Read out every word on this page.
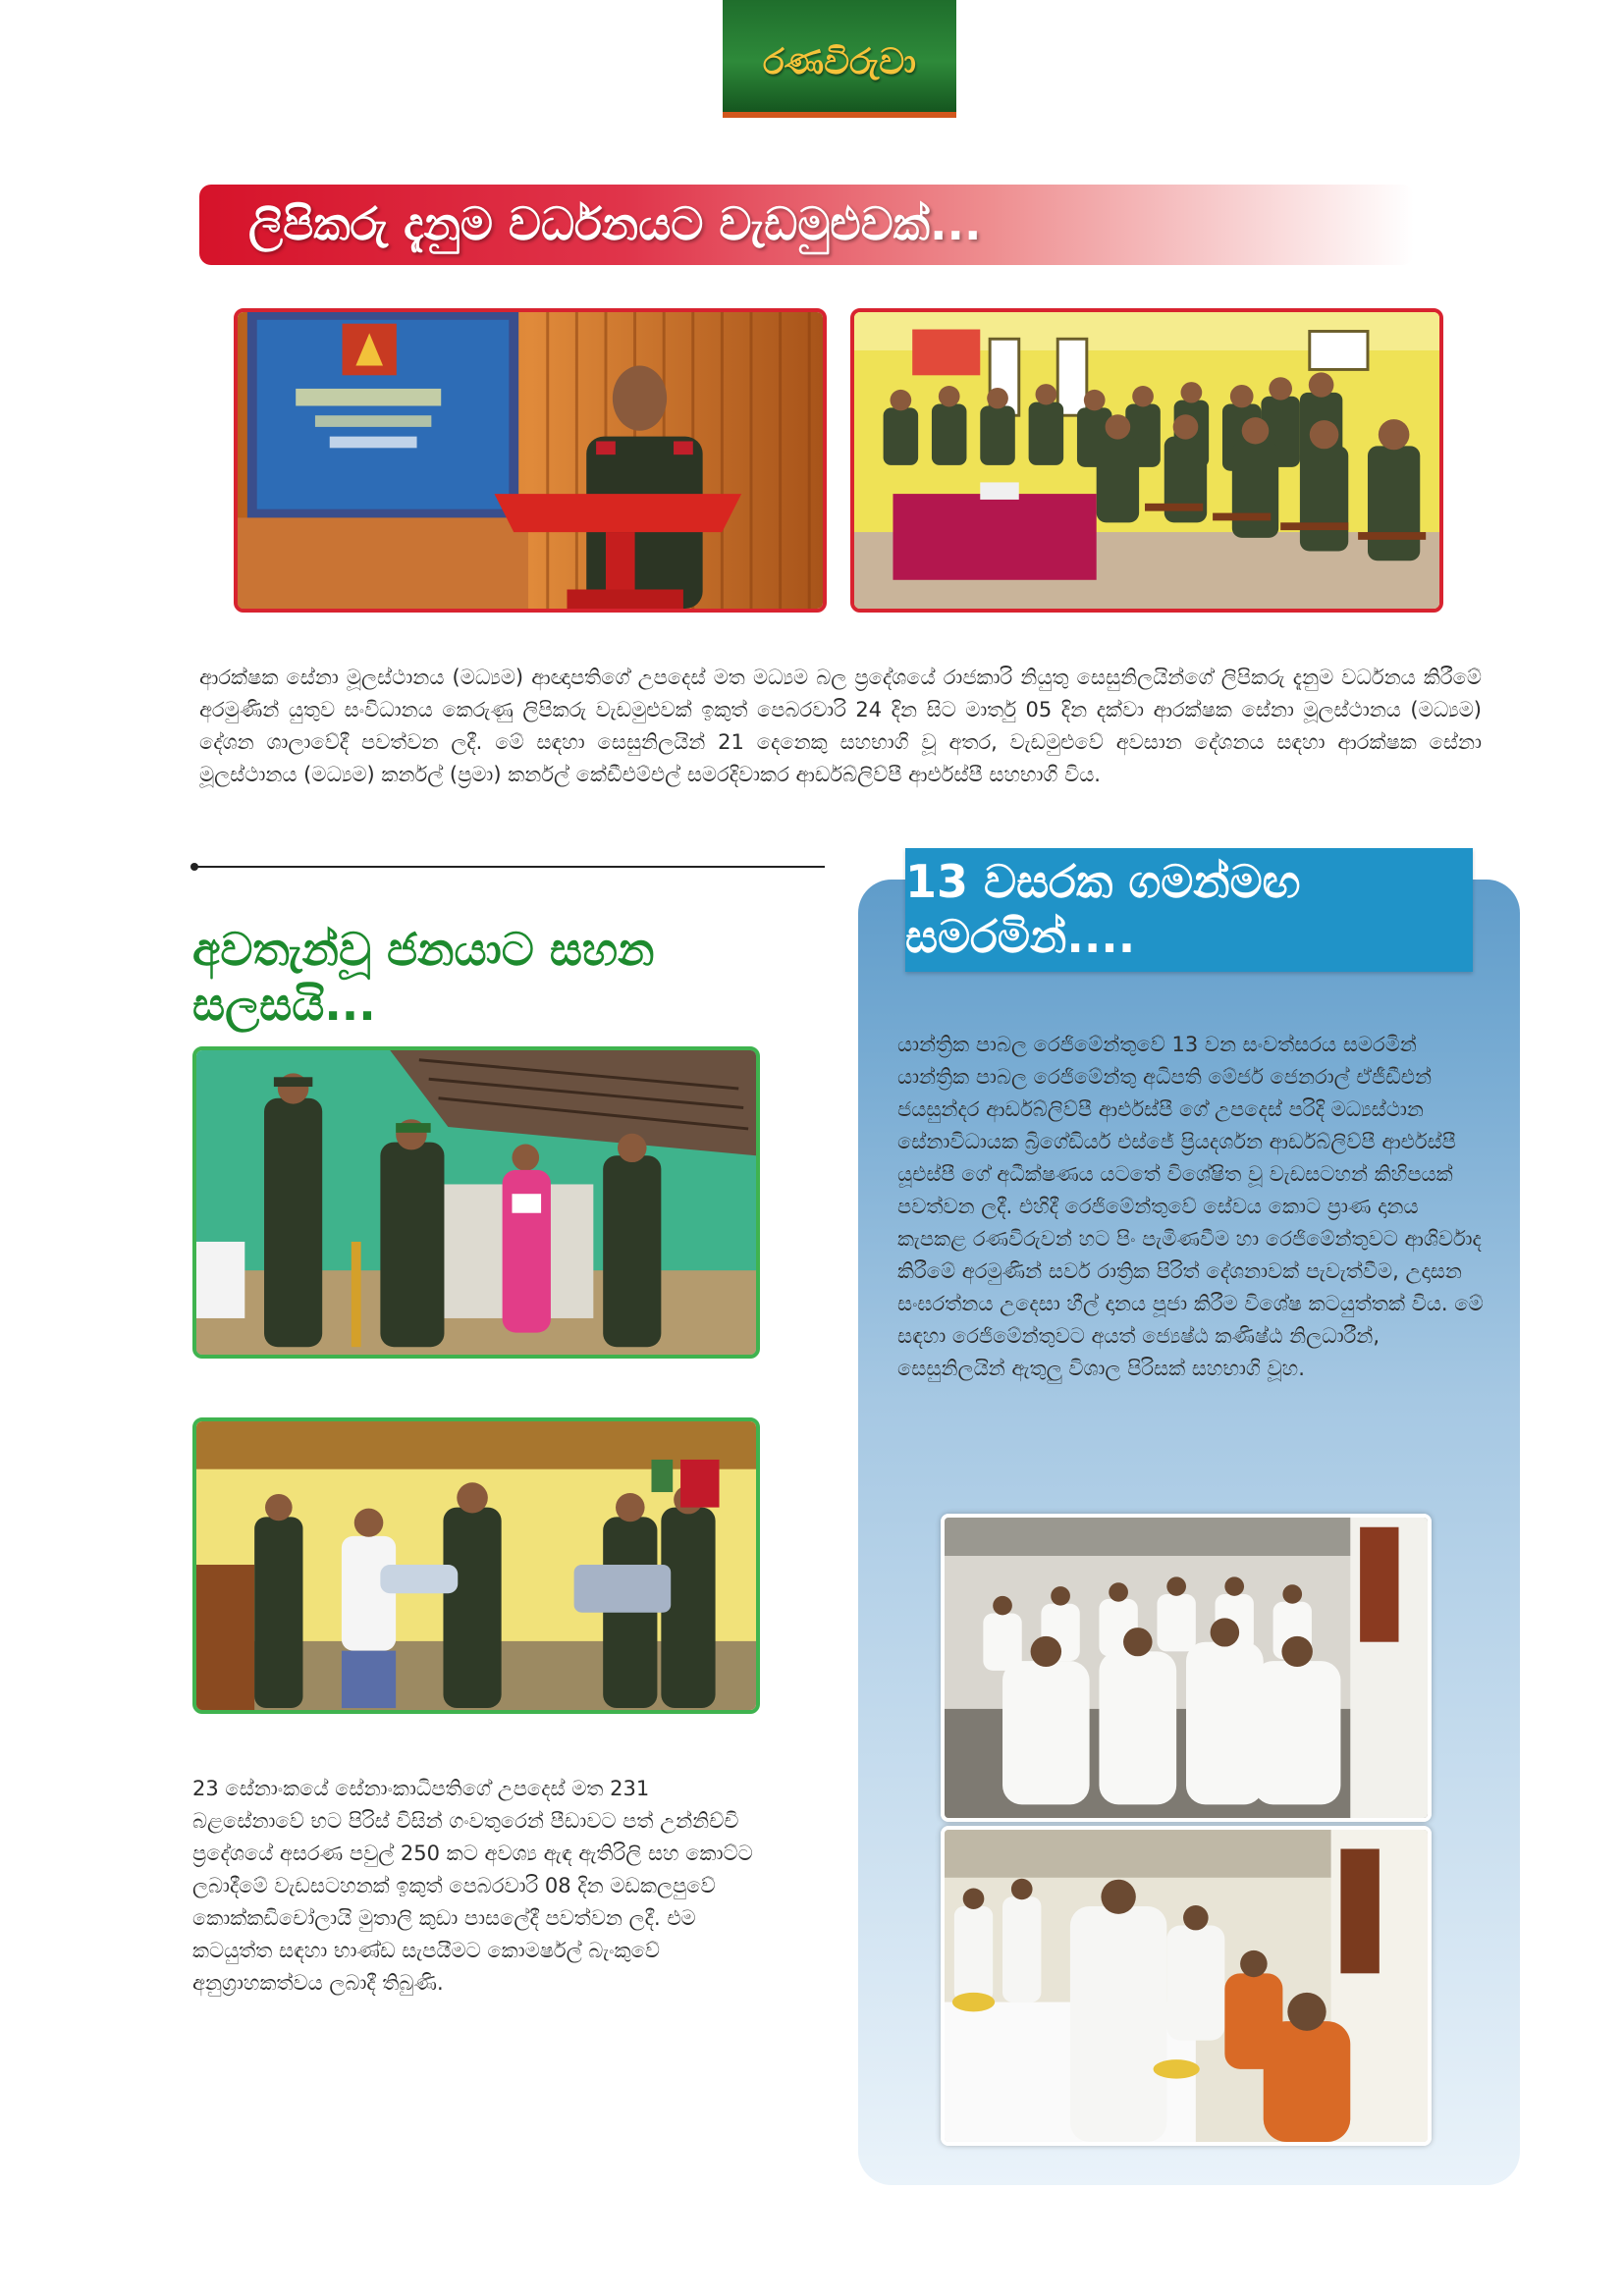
රණවිරුවා
ලිපිකරු දැනුම වර්ධනයට වැඩමුළුවක්...

ආරක්ෂක සේනා මූලස්ථානය (මධ්‍යම) ආඥාපතිගේ උපදෙස් මත මධ්‍යම බල ප්‍රදේශයේ රාජකාරි නියුතු සෙසුනිලයින්ගේ ලිපිකරු දැනුම වර්ධනය කිරීමේ අරමුණින් යුතුව සංවිධානය කෙරුණු ලිපිකරු වැඩමුළුවක් ඉකුත් පෙබරවාරි 24 දින සිට මාර්තු 05 දින දක්වා ආරක්ෂක සේනා මූලස්ථානය (මධ්‍යම) දේශන ශාලාවේදී පවත්වන ලදී. මේ සඳහා සෙසුනිලයින් 21 දෙනෙකු සහභාගි වූ අතර, වැඩමුළුවේ අවසාන දේශනය සඳහා ආරක්ෂක සේනා මූලස්ථානය (මධ්‍යම) කර්නල් (ප්‍රමා) කර්නල් කේඩීඑම්එල් සමරදිවාකර ආර්ඩබ්ලිව්පී ආර්එස්පී සහභාගි විය.

අවතැන්වූ ජනයාට සහන සලසයි...

23 සේනාංකයේ සේනාංකාධිපතිගේ උපදෙස් මත 231 බළසේනාවේ භට පිරිස් විසින් ගංවතුරෙන් පීඩාවට පත් උන්නිච්චි ප්‍රදේශයේ අසරණ පවුල් 250 කට අවශ්‍ය ඇඳ ඇතිරිලි සහ කොට්ට ලබාදීමේ වැඩසටහනක් ඉකුත් පෙබරවාරි 08 දින මඩකලපුවේ කොක්කඩිචෝලායි මුතාලි කුඩා පාසලේදී පවත්වන ලදී. එම කටයුත්ත සඳහා භාණ්ඩ සැපයීමට කොමර්ෂල් බැංකුවේ අනුග්‍රාහකත්වය ලබාදී තිබුණි.

13 වසරක ගමන්මඟ සමරමින්....

යාන්ත්‍රික පාබල රෙජිමේන්තුවේ 13 වන සංවත්සරය සමරමින් යාන්ත්‍රික පාබල රෙජිමේන්තු අධිපති මේජර් ජෙනරාල් ඒජීඩීඑන් ජයසුන්දර ආර්ඩබ්ලිව්පී ආර්එස්පී ගේ උපදෙස් පරිදි මධ්‍යස්ථාන සේනාවිධායක බ්‍රිගේඩියර් එස්ජේ ප්‍රියදර්ශන ආර්ඩබ්ලිව්පී ආර්එස්පී යූඑස්පී ගේ අධීක්ෂණය යටතේ විශේෂිත වූ වැඩසටහන් කිහිපයක් පවත්වන ලදී. එහිදී රෙජිමේන්තුවේ සේවය කොට ප්‍රාණ දානය කැපකළ රණවිරුවන් හට පිං පැමිණවීම හා රෙජිමේන්තුවට ආශිර්වාද කිරීමේ අරමුණින් සර්ව රාත්‍රික පිරිත් දේශනාවක් පැවැත්වීම, උදාසන සංඝරත්නය උදෙසා හීල් දානය පූජා කිරීම විශේෂ කටයුත්තක් විය. මේ සඳහා රෙජිමේන්තුවට අයත් ජ්‍යෙෂ්ඨ කණිෂ්ඨ නිලධාරීන්, සෙසුනිලයින් ඇතුලු විශාල පිරිසක් සහභාගි වූහ.
